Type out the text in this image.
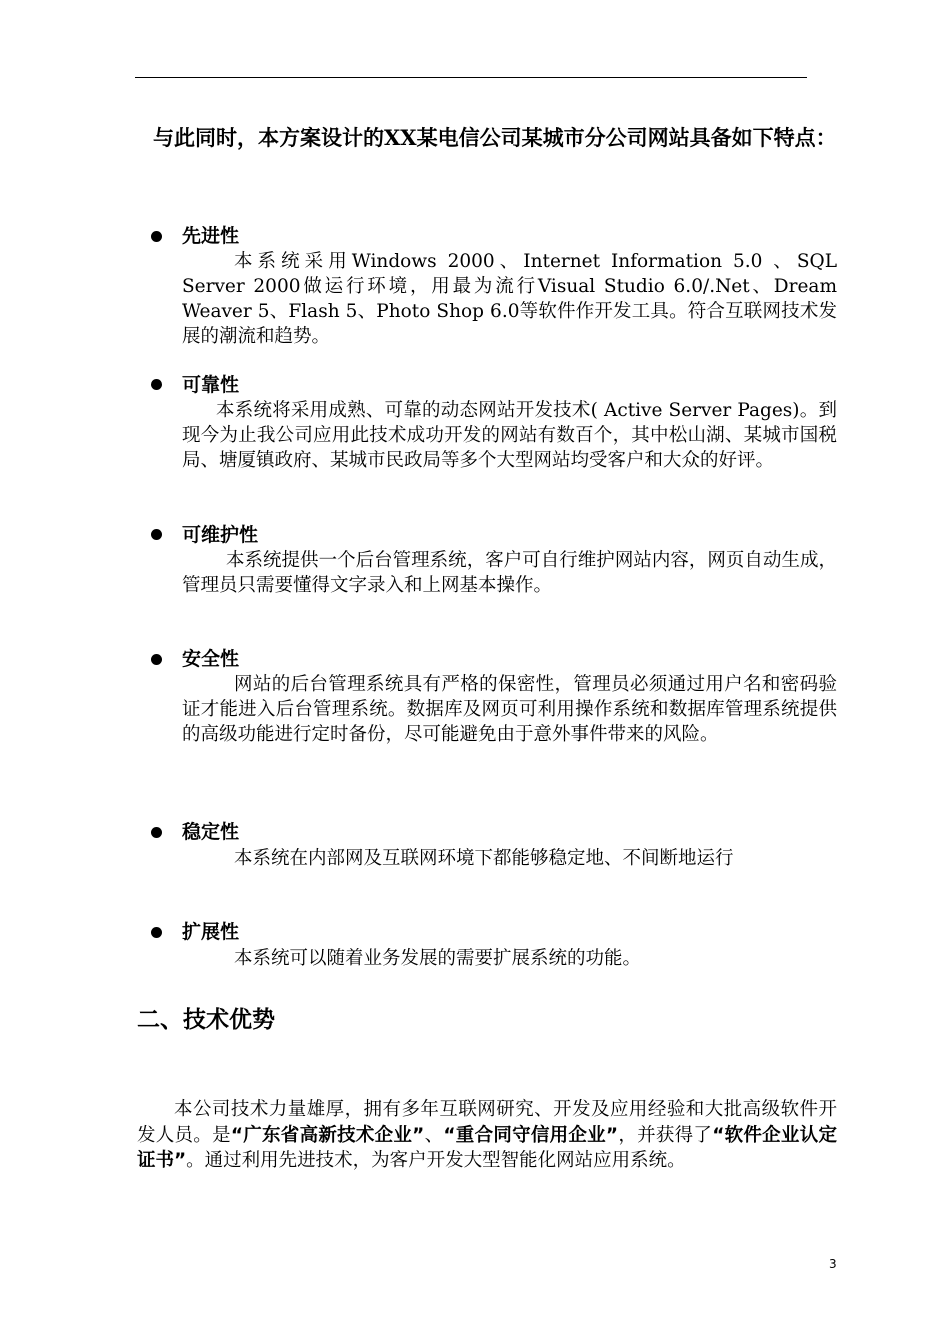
与此同时，本方案设计的XX某电信公司某城市分公司网站具备如下特点：
先进性
本系统采用Windows 2000、Internet Information 5.0 、SQL Server 2000做运行环境，用最为流行Visual Studio 6.0/.Net、Dream Weaver 5、Flash 5、Photo Shop 6.0等软件作开发工具。符合互联网技术发展的潮流和趋势。
可靠性
本系统将采用成熟、可靠的动态网站开发技术( Active Server Pages)。到现今为止我公司应用此技术成功开发的网站有数百个，其中松山湖、某城市国税局、塘厦镇政府、某城市民政局等多个大型网站均受客户和大众的好评。
可维护性
本系统提供一个后台管理系统，客户可自行维护网站内容，网页自动生成，管理员只需要懂得文字录入和上网基本操作。
安全性
网站的后台管理系统具有严格的保密性，管理员必须通过用户名和密码验证才能进入后台管理系统。数据库及网页可利用操作系统和数据库管理系统提供的高级功能进行定时备份，尽可能避免由于意外事件带来的风险。
稳定性
本系统在内部网及互联网环境下都能够稳定地、不间断地运行
扩展性
本系统可以随着业务发展的需要扩展系统的功能。
二、技术优势
本公司技术力量雄厚，拥有多年互联网研究、开发及应用经验和大批高级软件开发人员。是“广东省高新技术企业”、“重合同守信用企业”，并获得了“软件企业认定证书”。通过利用先进技术，为客户开发大型智能化网站应用系统。
3
